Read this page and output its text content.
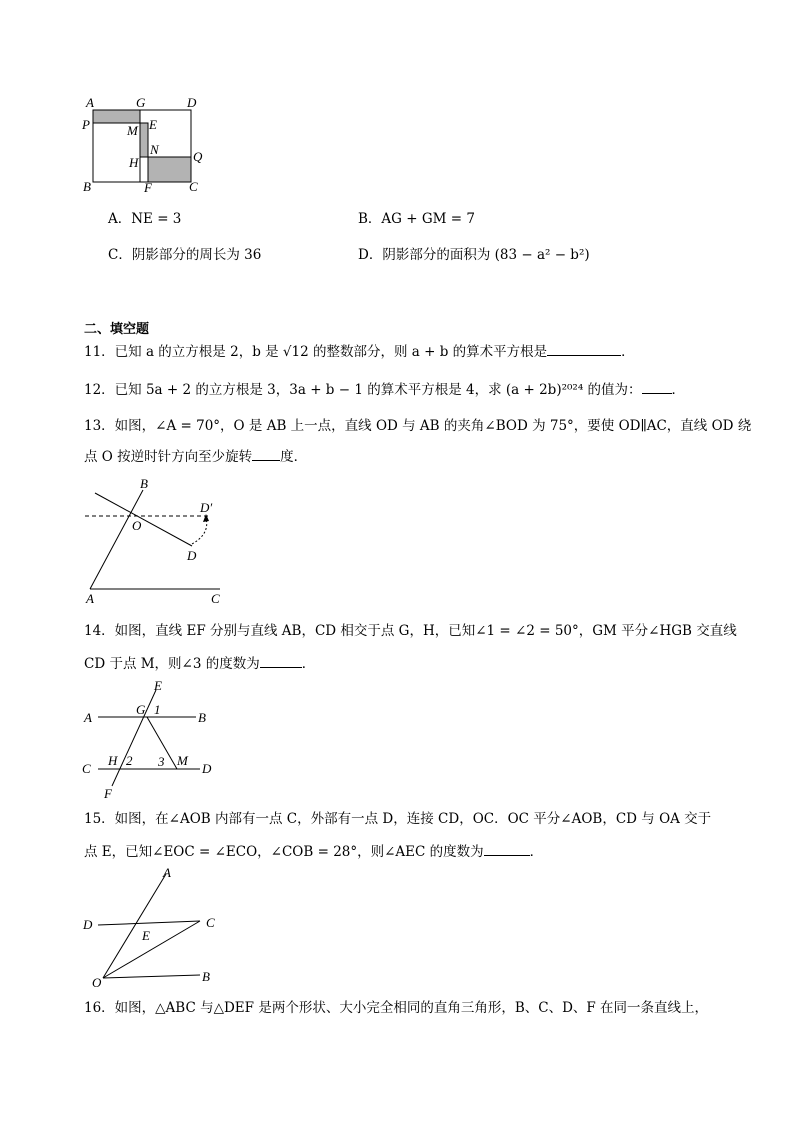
A	G	D
P	M E
N
H	Q
B	F	C
A．NE = 3	B．AG + GM = 7
C．阴影部分的周长为 36	D．阴影部分的面积为 (83 − a² − b²)
二、填空题
11．已知 a 的立方根是 2，b 是 √12 的整数部分，则 a + b 的算术平方根是	．
12．已知 5a + 2 的立方根是 3，3a + b − 1 的算术平方根是 4，求 (a + 2b)²⁰²⁴ 的值为： ．
13．如图，∠A = 70°，O 是 AB 上一点，直线 OD 与 AB 的夹角∠BOD 为 75°，要使 OD∥AC，直线 OD 绕
点 O 按逆时针方向至少旋转 度．
B
D′
O
D
A	C
14．如图，直线 EF 分别与直线 AB，CD 相交于点 G，H，已知∠1 = ∠2 = 50°，GM 平分∠HGB 交直线
CD 于点 M，则∠3 的度数为	．
E
A
G 1
B
C
H 2 3 M
D
F
15．如图，在∠AOB 内部有一点 C，外部有一点 D，连接 CD，OC．OC 平分∠AOB，CD 与 OA 交于
点 E，已知∠EOC = ∠ECO，∠COB = 28°，则∠AEC 的度数为	．
A
D	C
E
O	B
16．如图，△ABC 与△DEF 是两个形状、大小完全相同的直角三角形，B、C、D、F 在同一条直线上，
